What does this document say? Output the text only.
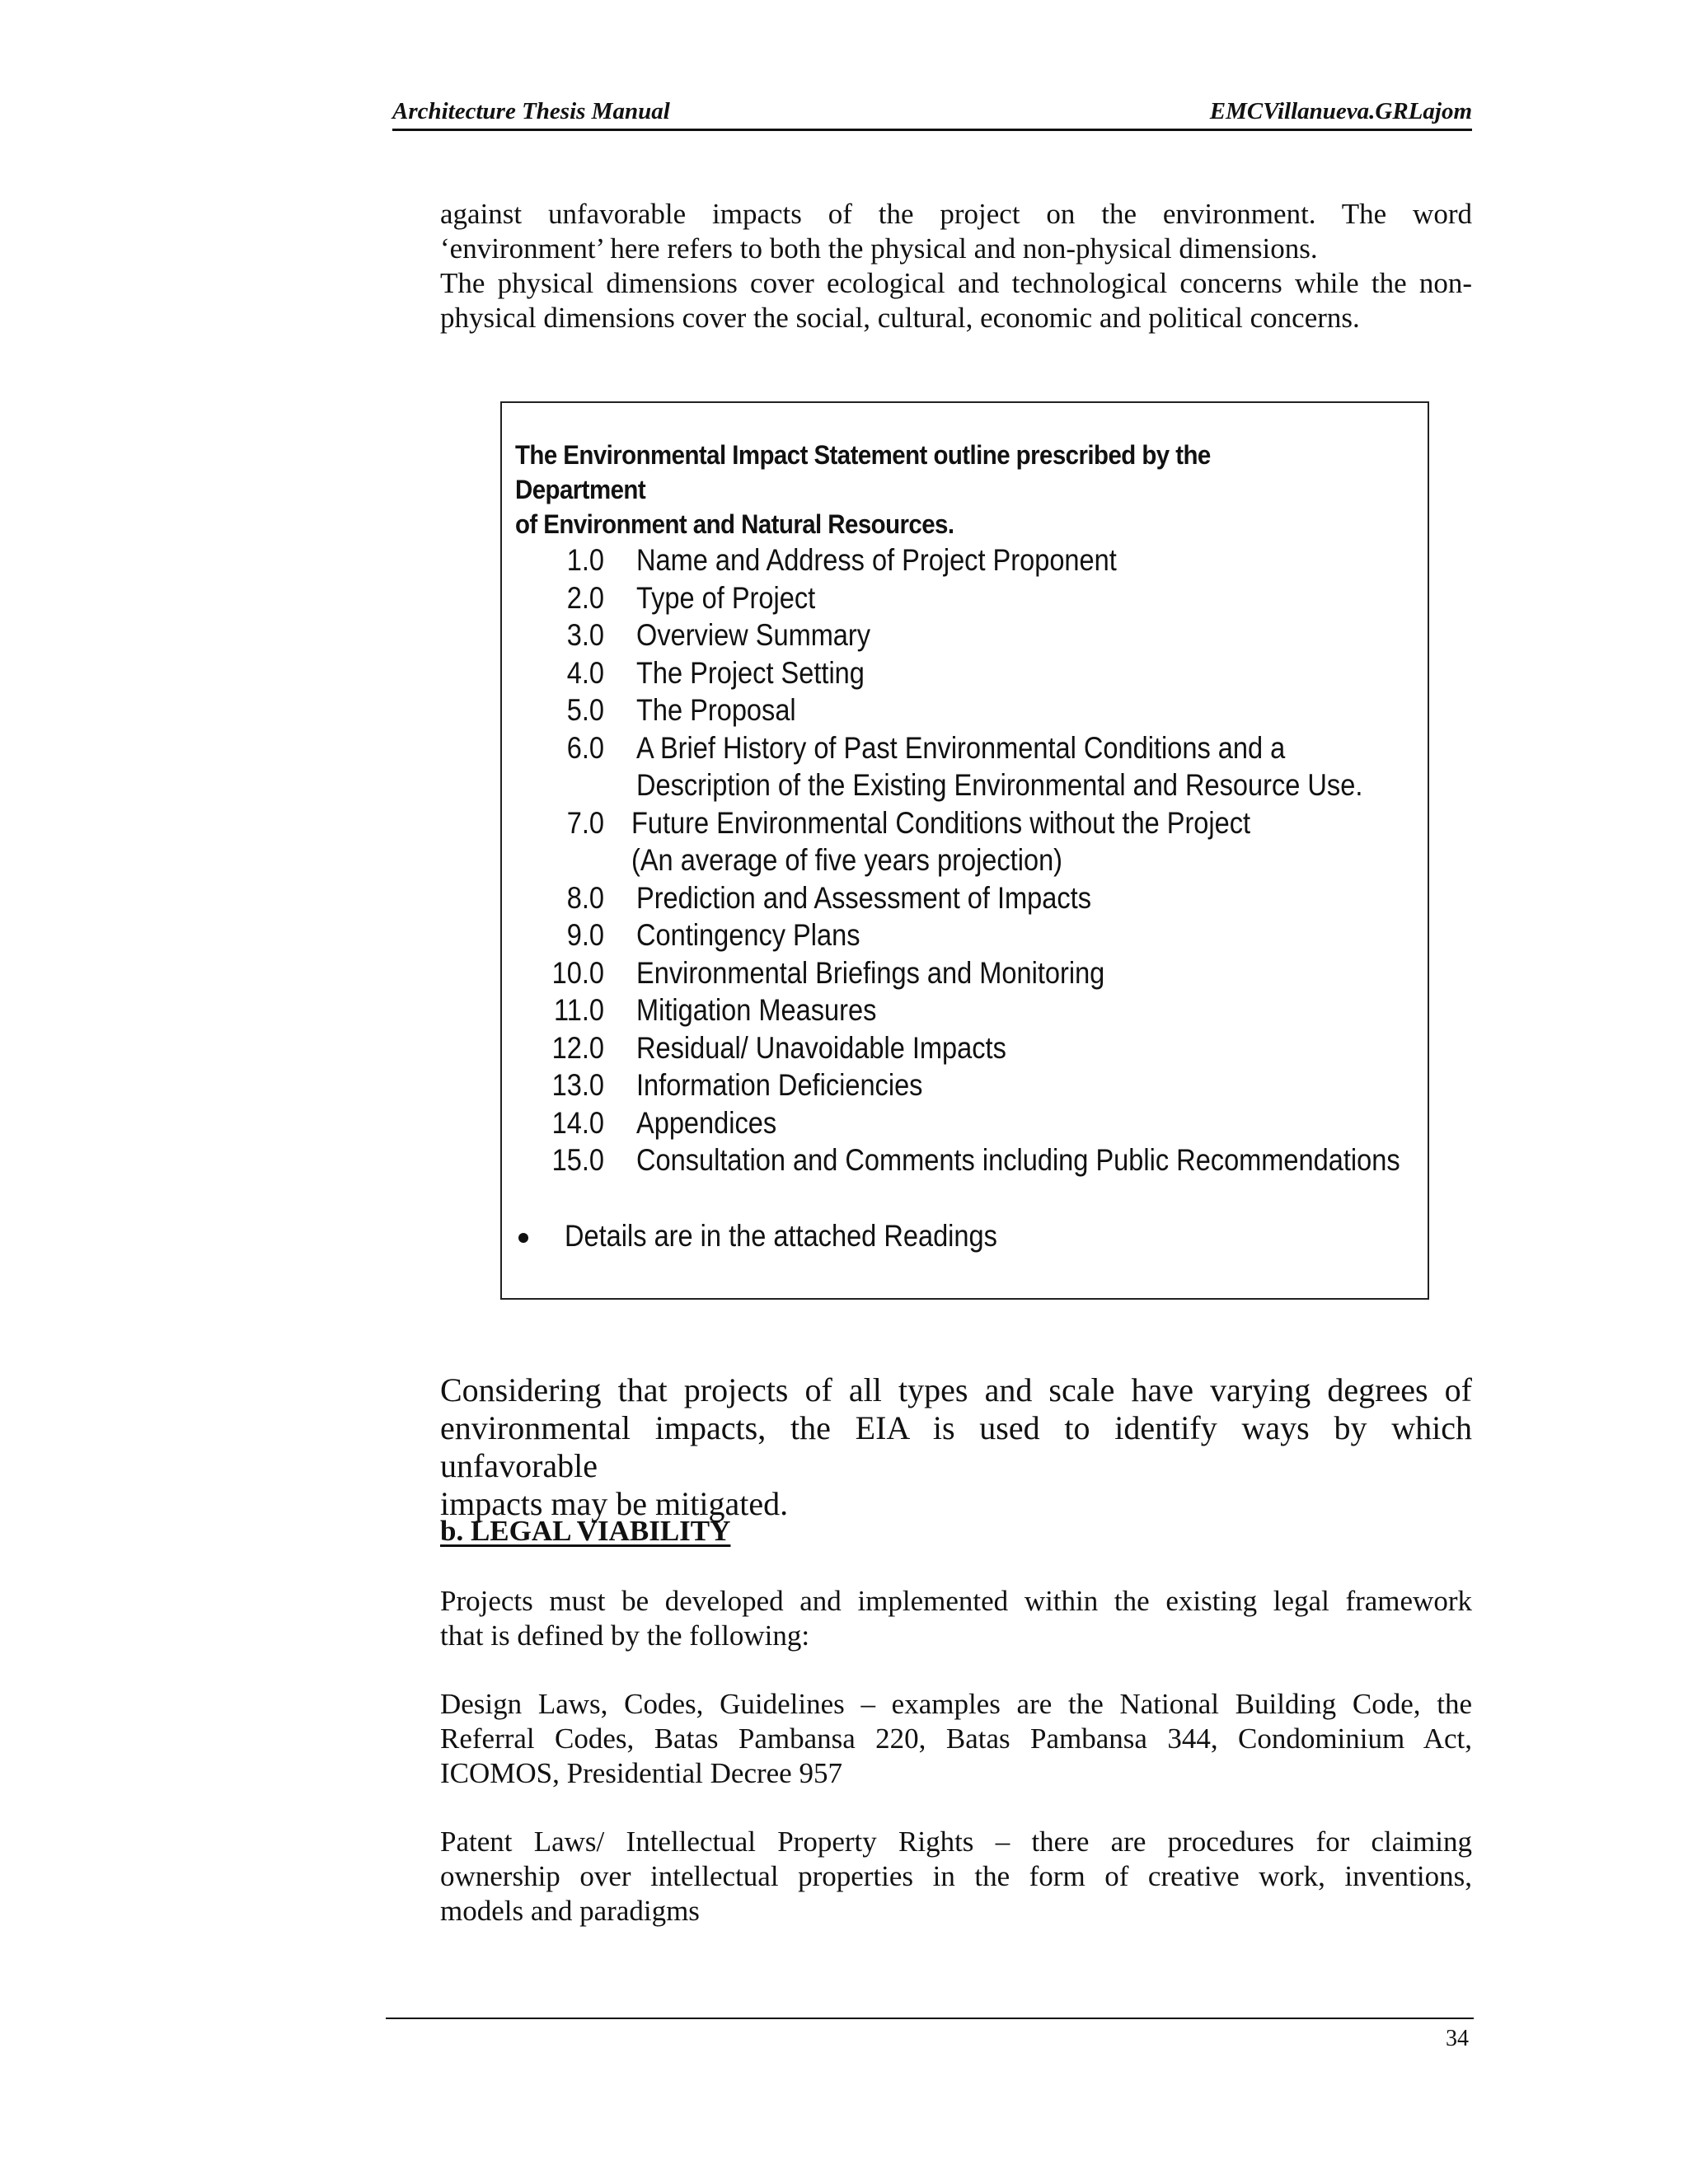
Architecture Thesis Manual	EMCVillanueva.GRLajom

against unfavorable impacts of the project on the environment. The word
‘environment’ here refers to both the physical and non-physical dimensions.
The physical dimensions cover ecological and technological concerns while the non-
physical dimensions cover the social, cultural, economic and political concerns.

The Environmental Impact Statement outline prescribed by the Department
of Environment and Natural Resources.
1.0 Name and Address of Project Proponent
2.0 Type of Project
3.0 Overview Summary
4.0 The Project Setting
5.0 The Proposal
6.0 A Brief History of Past Environmental Conditions and a
Description of the Existing Environmental and Resource Use.
7.0 Future Environmental Conditions without the Project
(An average of five years projection)
8.0 Prediction and Assessment of Impacts
9.0 Contingency Plans
10.0 Environmental Briefings and Monitoring
11.0 Mitigation Measures
12.0 Residual/ Unavoidable Impacts
13.0 Information Deficiencies
14.0 Appendices
15.0 Consultation and Comments including Public Recommendations
Details are in the attached Readings

Considering that projects of all types and scale have varying degrees of
environmental impacts, the EIA is used to identify ways by which unfavorable
impacts may be mitigated.

b. LEGAL VIABILITY

Projects must be developed and implemented within the existing legal framework
that is defined by the following:

Design Laws, Codes, Guidelines – examples are the National Building Code, the
Referral Codes, Batas Pambansa 220, Batas Pambansa 344, Condominium Act,
ICOMOS, Presidential Decree 957

Patent Laws/ Intellectual Property Rights – there are procedures for claiming
ownership over intellectual properties in the form of creative work, inventions,
models and paradigms

34
